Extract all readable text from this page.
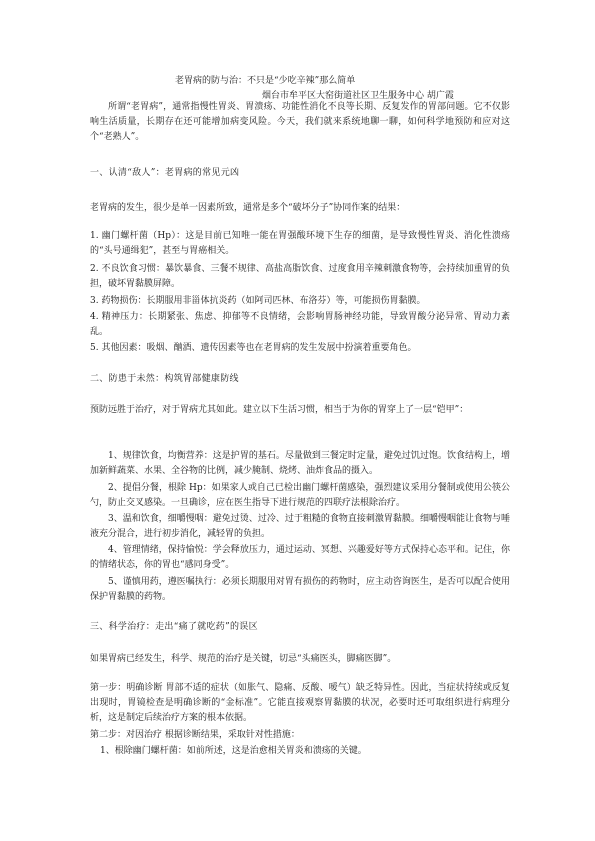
老胃病的防与治：不只是“少吃辛辣”那么简单
烟台市牟平区大窑街道社区卫生服务中心 胡广霞
所谓“老胃病”，通常指慢性胃炎、胃溃疡、功能性消化不良等长期、反复发作的胃部问题。它不仅影响生活质量，长期存在还可能增加病变风险。今天，我们就来系统地聊一聊，如何科学地预防和应对这个“老熟人”。
一、认清“敌人”：老胃病的常见元凶
老胃病的发生，很少是单一因素所致，通常是多个“破坏分子”协同作案的结果：
1. 幽门螺杆菌（Hp）：这是目前已知唯一能在胃强酸环境下生存的细菌，是导致慢性胃炎、消化性溃疡的“头号通缉犯”，甚至与胃癌相关。
2. 不良饮食习惯：暴饮暴食、三餐不规律、高盐高脂饮食、过度食用辛辣刺激食物等，会持续加重胃的负担，破坏胃黏膜屏障。
3. 药物损伤：长期服用非甾体抗炎药（如阿司匹林、布洛芬）等，可能损伤胃黏膜。
4. 精神压力：长期紧张、焦虑、抑郁等不良情绪，会影响胃肠神经功能，导致胃酸分泌异常、胃动力紊乱。
5. 其他因素：吸烟、酗酒、遗传因素等也在老胃病的发生发展中扮演着重要角色。
二、防患于未然：构筑胃部健康防线
预防远胜于治疗，对于胃病尤其如此。建立以下生活习惯，相当于为你的胃穿上了一层“铠甲”：
1、规律饮食，均衡营养：这是护胃的基石。尽量做到三餐定时定量，避免过饥过饱。饮食结构上，增加新鲜蔬菜、水果、全谷物的比例，减少腌制、烧烤、油炸食品的摄入。
2、提倡分餐，根除 Hp：如果家人或自己已检出幽门螺杆菌感染，强烈建议采用分餐制或使用公筷公勺，防止交叉感染。一旦确诊，应在医生指导下进行规范的四联疗法根除治疗。
3、温和饮食，细嚼慢咽：避免过烫、过冷、过于粗糙的食物直接刺激胃黏膜。细嚼慢咽能让食物与唾液充分混合，进行初步消化，减轻胃的负担。
4、管理情绪，保持愉悦：学会释放压力，通过运动、冥想、兴趣爱好等方式保持心态平和。记住，你的情绪状态，你的胃也“感同身受”。
5、谨慎用药，遵医嘱执行：必须长期服用对胃有损伤的药物时，应主动咨询医生，是否可以配合使用保护胃黏膜的药物。
三、科学治疗：走出“痛了就吃药”的误区
如果胃病已经发生，科学、规范的治疗是关键，切忌“头痛医头，脚痛医脚”。
第一步：明确诊断 胃部不适的症状（如胀气、隐痛、反酸、嗳气）缺乏特异性。因此，当症状持续或反复出现时，胃镜检查是明确诊断的“金标准”。它能直接观察胃黏膜的状况，必要时还可取组织进行病理分析，这是制定后续治疗方案的根本依据。
第二步：对因治疗 根据诊断结果，采取针对性措施：
1、根除幽门螺杆菌：如前所述，这是治愈相关胃炎和溃疡的关键。
